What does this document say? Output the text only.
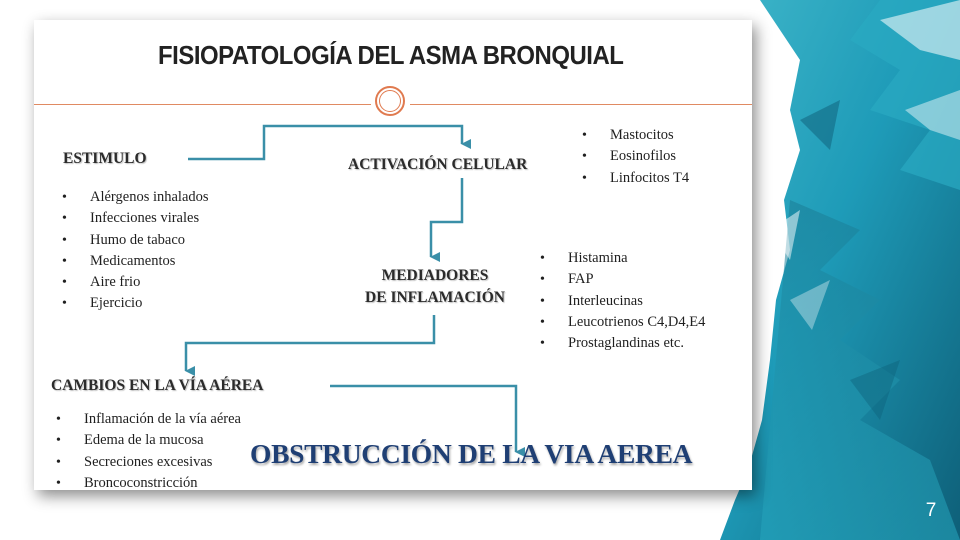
FISIOPATOLOGÍA DEL ASMA BRONQUIAL
ESTIMULO
• Alérgenos inhalados
• Infecciones virales
• Humo de tabaco
• Medicamentos
• Aire frio
• Ejercicio
ACTIVACIÓN CELULAR
• Mastocitos
• Eosinofilos
• Linfocitos T4
MEDIADORES
DE INFLAMACIÓN
• Histamina
• FAP
• Interleucinas
• Leucotrienos C4,D4,E4
• Prostaglandinas etc.
CAMBIOS EN LA VÍA AÉREA
• Inflamación de la vía aérea
• Edema de la mucosa
• Secreciones excesivas
• Broncoconstricción
OBSTRUCCIÓN DE LA VIA AEREA
7
